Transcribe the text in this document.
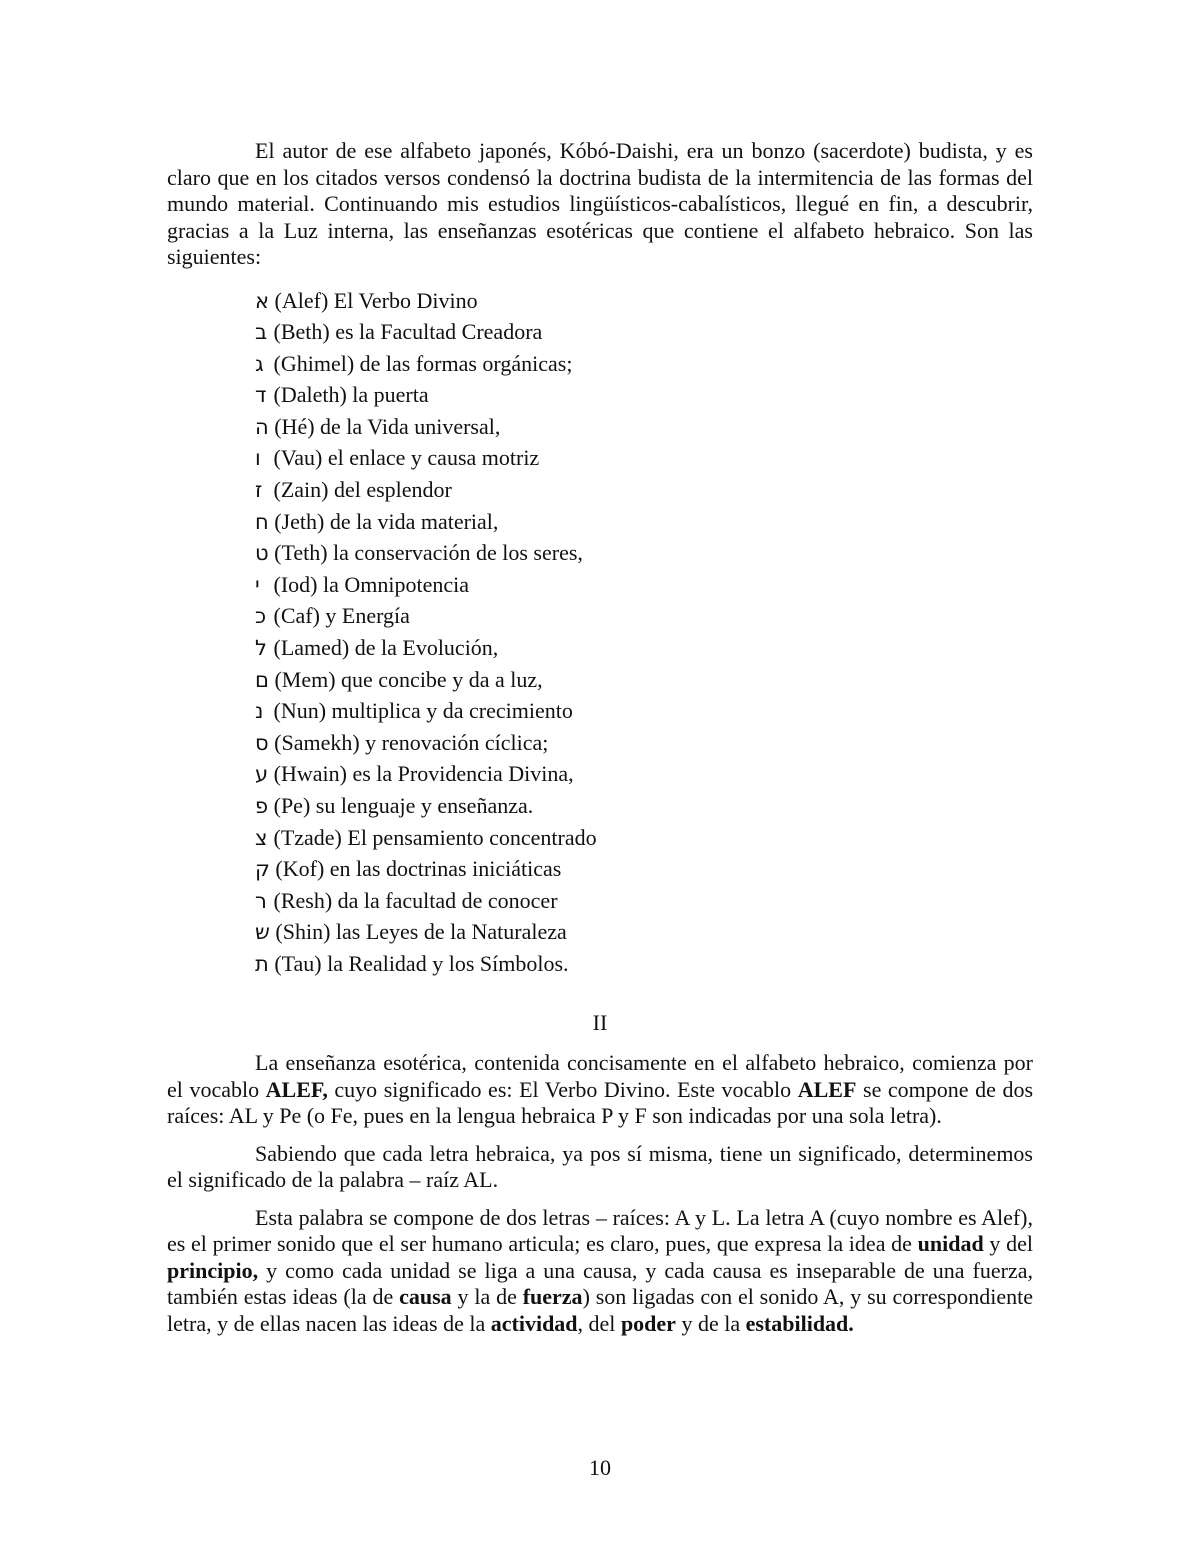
El autor de ese alfabeto japonés, Kóbó-Daishi, era un bonzo (sacerdote) budista, y es claro que en los citados versos condensó la doctrina budista de la intermitencia de las formas del mundo material. Continuando mis estudios lingüísticos-cabalísticos, llegué en fin, a descubrir, gracias a la Luz interna, las enseñanzas esotéricas que contiene el alfabeto hebraico. Son las siguientes:

א (Alef) El Verbo Divino
ב (Beth) es la Facultad Creadora
ג (Ghimel) de las formas orgánicas;
ד (Daleth) la puerta
ה (Hé) de la Vida universal,
ו (Vau) el enlace y causa motriz
ז (Zain) del esplendor
ח (Jeth) de la vida material,
ט (Teth) la conservación de los seres,
י (Iod) la Omnipotencia
כ (Caf) y Energía
ל (Lamed) de la Evolución,
ם (Mem) que concibe y da a luz,
נ (Nun) multiplica y da crecimiento
ס (Samekh) y renovación cíclica;
ע (Hwain) es la Providencia Divina,
פ (Pe) su lenguaje y enseñanza.
צ (Tzade) El pensamiento concentrado
ק (Kof) en las doctrinas iniciáticas
ר (Resh) da la facultad de conocer
ש (Shin) las Leyes de la Naturaleza
ת (Tau) la Realidad y los Símbolos.
II

La enseñanza esotérica, contenida concisamente en el alfabeto hebraico, comienza por el vocablo ALEF, cuyo significado es: El Verbo Divino. Este vocablo ALEF se compone de dos raíces: AL y Pe (o Fe, pues en la lengua hebraica P y F son indicadas por una sola letra).

Sabiendo que cada letra hebraica, ya pos sí misma, tiene un significado, determinemos el significado de la palabra – raíz AL.

Esta palabra se compone de dos letras – raíces: A y L. La letra A (cuyo nombre es Alef), es el primer sonido que el ser humano articula; es claro, pues, que expresa la idea de unidad y del principio, y como cada unidad se liga a una causa, y cada causa es inseparable de una fuerza, también estas ideas (la de causa y la de fuerza) son ligadas con el sonido A, y su correspondiente letra, y de ellas nacen las ideas de la actividad, del poder y de la estabilidad.

10
